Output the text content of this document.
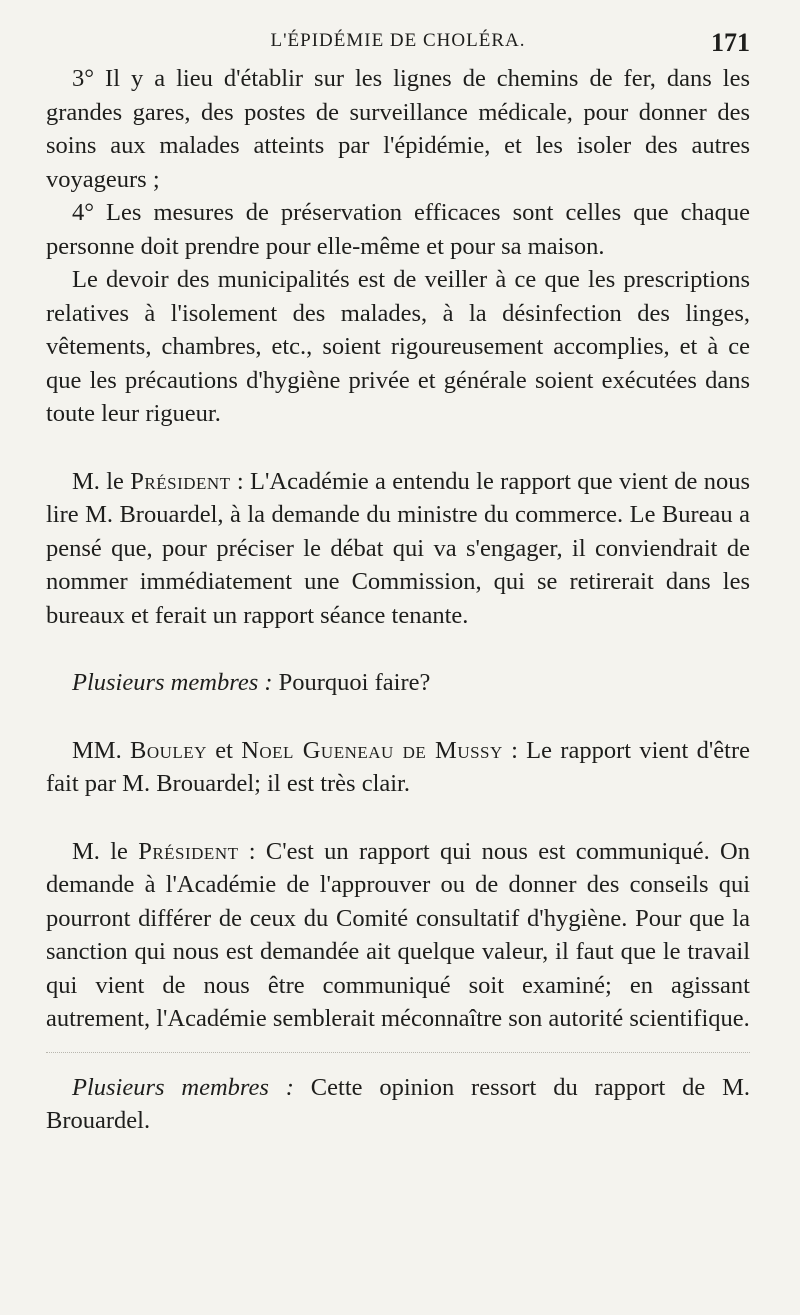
L'ÉPIDÉMIE DE CHOLÉRA.	171

3° Il y a lieu d'établir sur les lignes de chemins de fer, dans les grandes gares, des postes de surveillance médicale, pour donner des soins aux malades atteints par l'épidémie, et les isoler des autres voyageurs ;

4° Les mesures de préservation efficaces sont celles que chaque personne doit prendre pour elle-même et pour sa maison.

Le devoir des municipalités est de veiller à ce que les prescriptions relatives à l'isolement des malades, à la désinfection des linges, vêtements, chambres, etc., soient rigoureusement accomplies, et à ce que les précautions d'hygiène privée et générale soient exécutées dans toute leur rigueur.

M. le Président : L'Académie a entendu le rapport que vient de nous lire M. Brouardel, à la demande du ministre du commerce. Le Bureau a pensé que, pour préciser le débat qui va s'engager, il conviendrait de nommer immédiatement une Commission, qui se retirerait dans les bureaux et ferait un rapport séance tenante.

Plusieurs membres : Pourquoi faire?

MM. Bouley et Noel Gueneau de Mussy : Le rapport vient d'être fait par M. Brouardel; il est très clair.

M. le Président : C'est un rapport qui nous est communiqué. On demande à l'Académie de l'approuver ou de donner des conseils qui pourront différer de ceux du Comité consultatif d'hygiène. Pour que la sanction qui nous est demandée ait quelque valeur, il faut que le travail qui vient de nous être communiqué soit examiné; en agissant autrement, l'Académie semblerait méconnaître son autorité scientifique.

Plusieurs membres : Cette opinion ressort du rapport de M. Brouardel.
